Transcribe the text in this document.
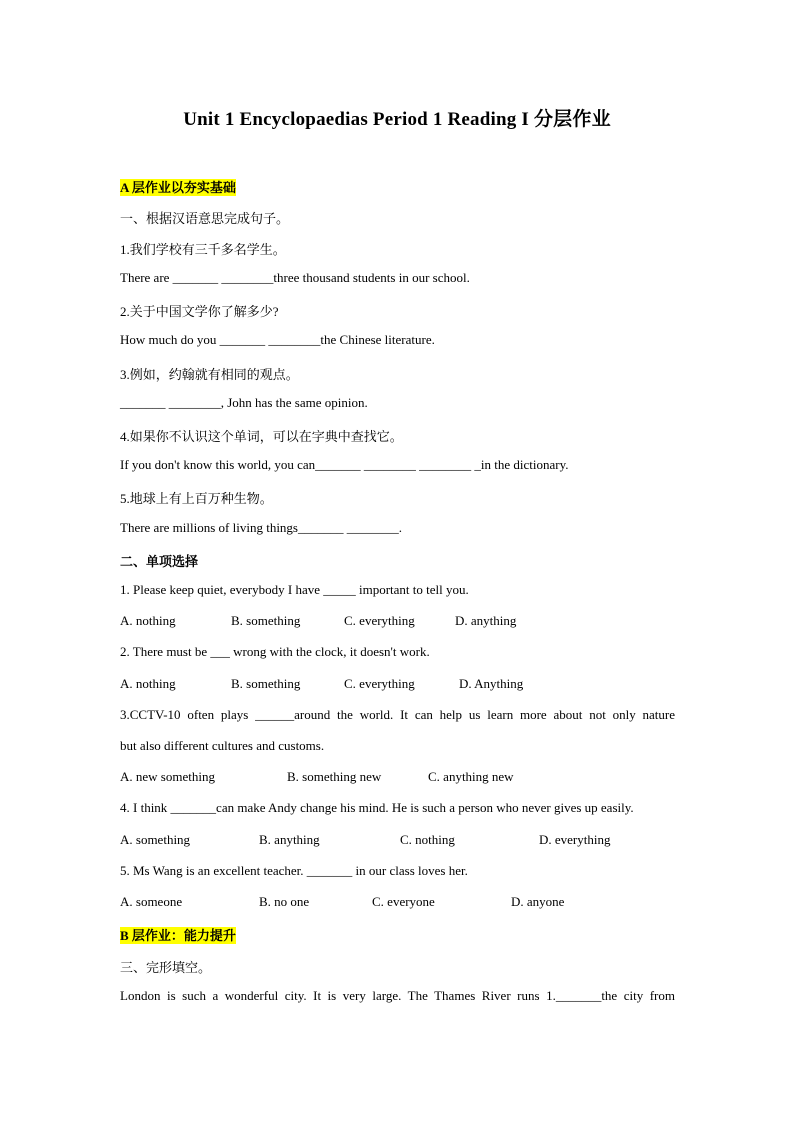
Unit 1 Encyclopaedias Period 1 Reading I 分层作业
A 层作业以夯实基础
一、根据汉语意思完成句子。
1.我们学校有三千多名学生。
There are _______ ________three thousand students in our school.
2.关于中国文学你了解多少?
How much do you _______ ________the Chinese literature.
3.例如，约翰就有相同的观点。
_______ ________, John has the same opinion.
4.如果你不认识这个单词，可以在字典中查找它。
If you don't know this world, you can_______ ________ ________ _in the dictionary.
5.地球上有上百万种生物。
There are millions of living things_______ ________.
二、单项选择
1. Please keep quiet, everybody I have _____ important to tell you.
A. nothing	B. something	C. everything	D. anything
2. There must be ___ wrong with the clock, it doesn't work.
A. nothing	B. something	C. everything	D. Anything
3.CCTV-10 often plays ______around the world. It can help us learn more about not only nature
but also different cultures and customs.
A. new something	B. something new	C. anything new
4. I think _______can make Andy change his mind. He is such a person who never gives up easily.
A. something	B. anything	C. nothing	D. everything
5. Ms Wang is an excellent teacher. _______ in our class loves her.
A. someone	B. no one	C. everyone	D. anyone
B 层作业：能力提升
三、完形填空。
London is such a wonderful city. It is very large. The Thames River runs 1._______the city from
